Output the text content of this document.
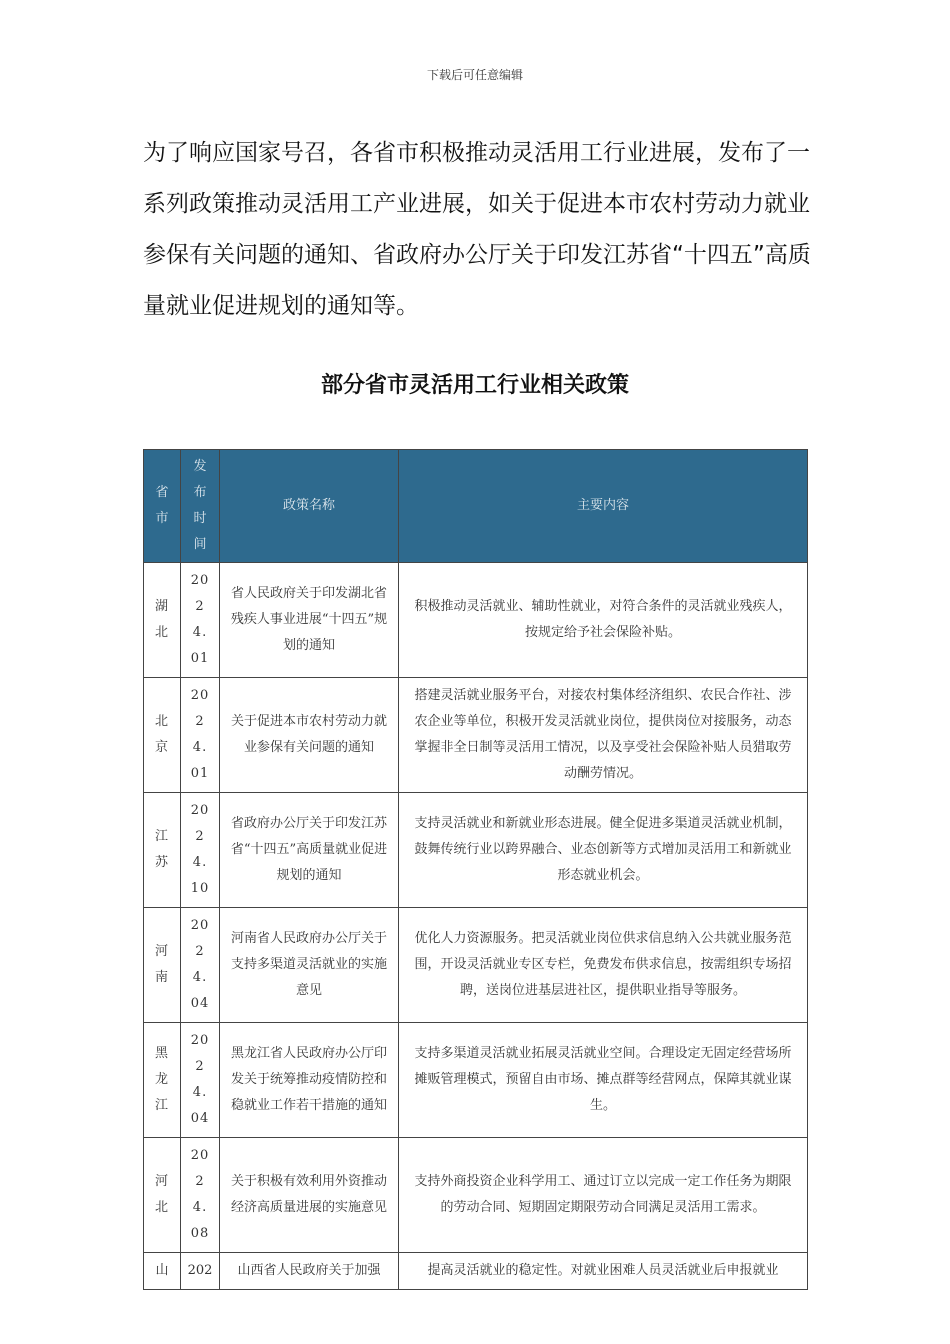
下载后可任意编辑

为了响应国家号召，各省市积极推动灵活用工行业进展，发布了一系列政策推动灵活用工产业进展，如关于促进本市农村劳动力就业参保有关问题的通知、省政府办公厅关于印发江苏省“十四五”高质量就业促进规划的通知等。

部分省市灵活用工行业相关政策
省市	发布时间	政策名称	主要内容
湖北	2024.01	省人民政府关于印发湖北省残疾人事业进展“十四五”规划的通知	积极推动灵活就业、辅助性就业，对符合条件的灵活就业残疾人，按规定给予社会保险补贴。
北京	2024.01	关于促进本市农村劳动力就业参保有关问题的通知	搭建灵活就业服务平台，对接农村集体经济组织、农民合作社、涉农企业等单位，积极开发灵活就业岗位，提供岗位对接服务，动态掌握非全日制等灵活用工情况，以及享受社会保险补贴人员猎取劳动酬劳情况。
江苏	2024.10	省政府办公厅关于印发江苏省“十四五”高质量就业促进规划的通知	支持灵活就业和新就业形态进展。健全促进多渠道灵活就业机制，鼓舞传统行业以跨界融合、业态创新等方式增加灵活用工和新就业形态就业机会。
河南	2024.04	河南省人民政府办公厅关于支持多渠道灵活就业的实施意见	优化人力资源服务。把灵活就业岗位供求信息纳入公共就业服务范围，开设灵活就业专区专栏，免费发布供求信息，按需组织专场招聘，送岗位进基层进社区，提供职业指导等服务。
黑龙江	2024.04	黑龙江省人民政府办公厅印发关于统筹推动疫情防控和稳就业工作若干措施的通知	支持多渠道灵活就业拓展灵活就业空间。合理设定无固定经营场所摊贩管理模式，预留自由市场、摊点群等经营网点，保障其就业谋生。
河北	2024.08	关于积极有效利用外资推动经济高质量进展的实施意见	支持外商投资企业科学用工、通过订立以完成一定工作任务为期限的劳动合同、短期固定期限劳动合同满足灵活用工需求。
山	202	山西省人民政府关于加强	提高灵活就业的稳定性。对就业困难人员灵活就业后申报就业
